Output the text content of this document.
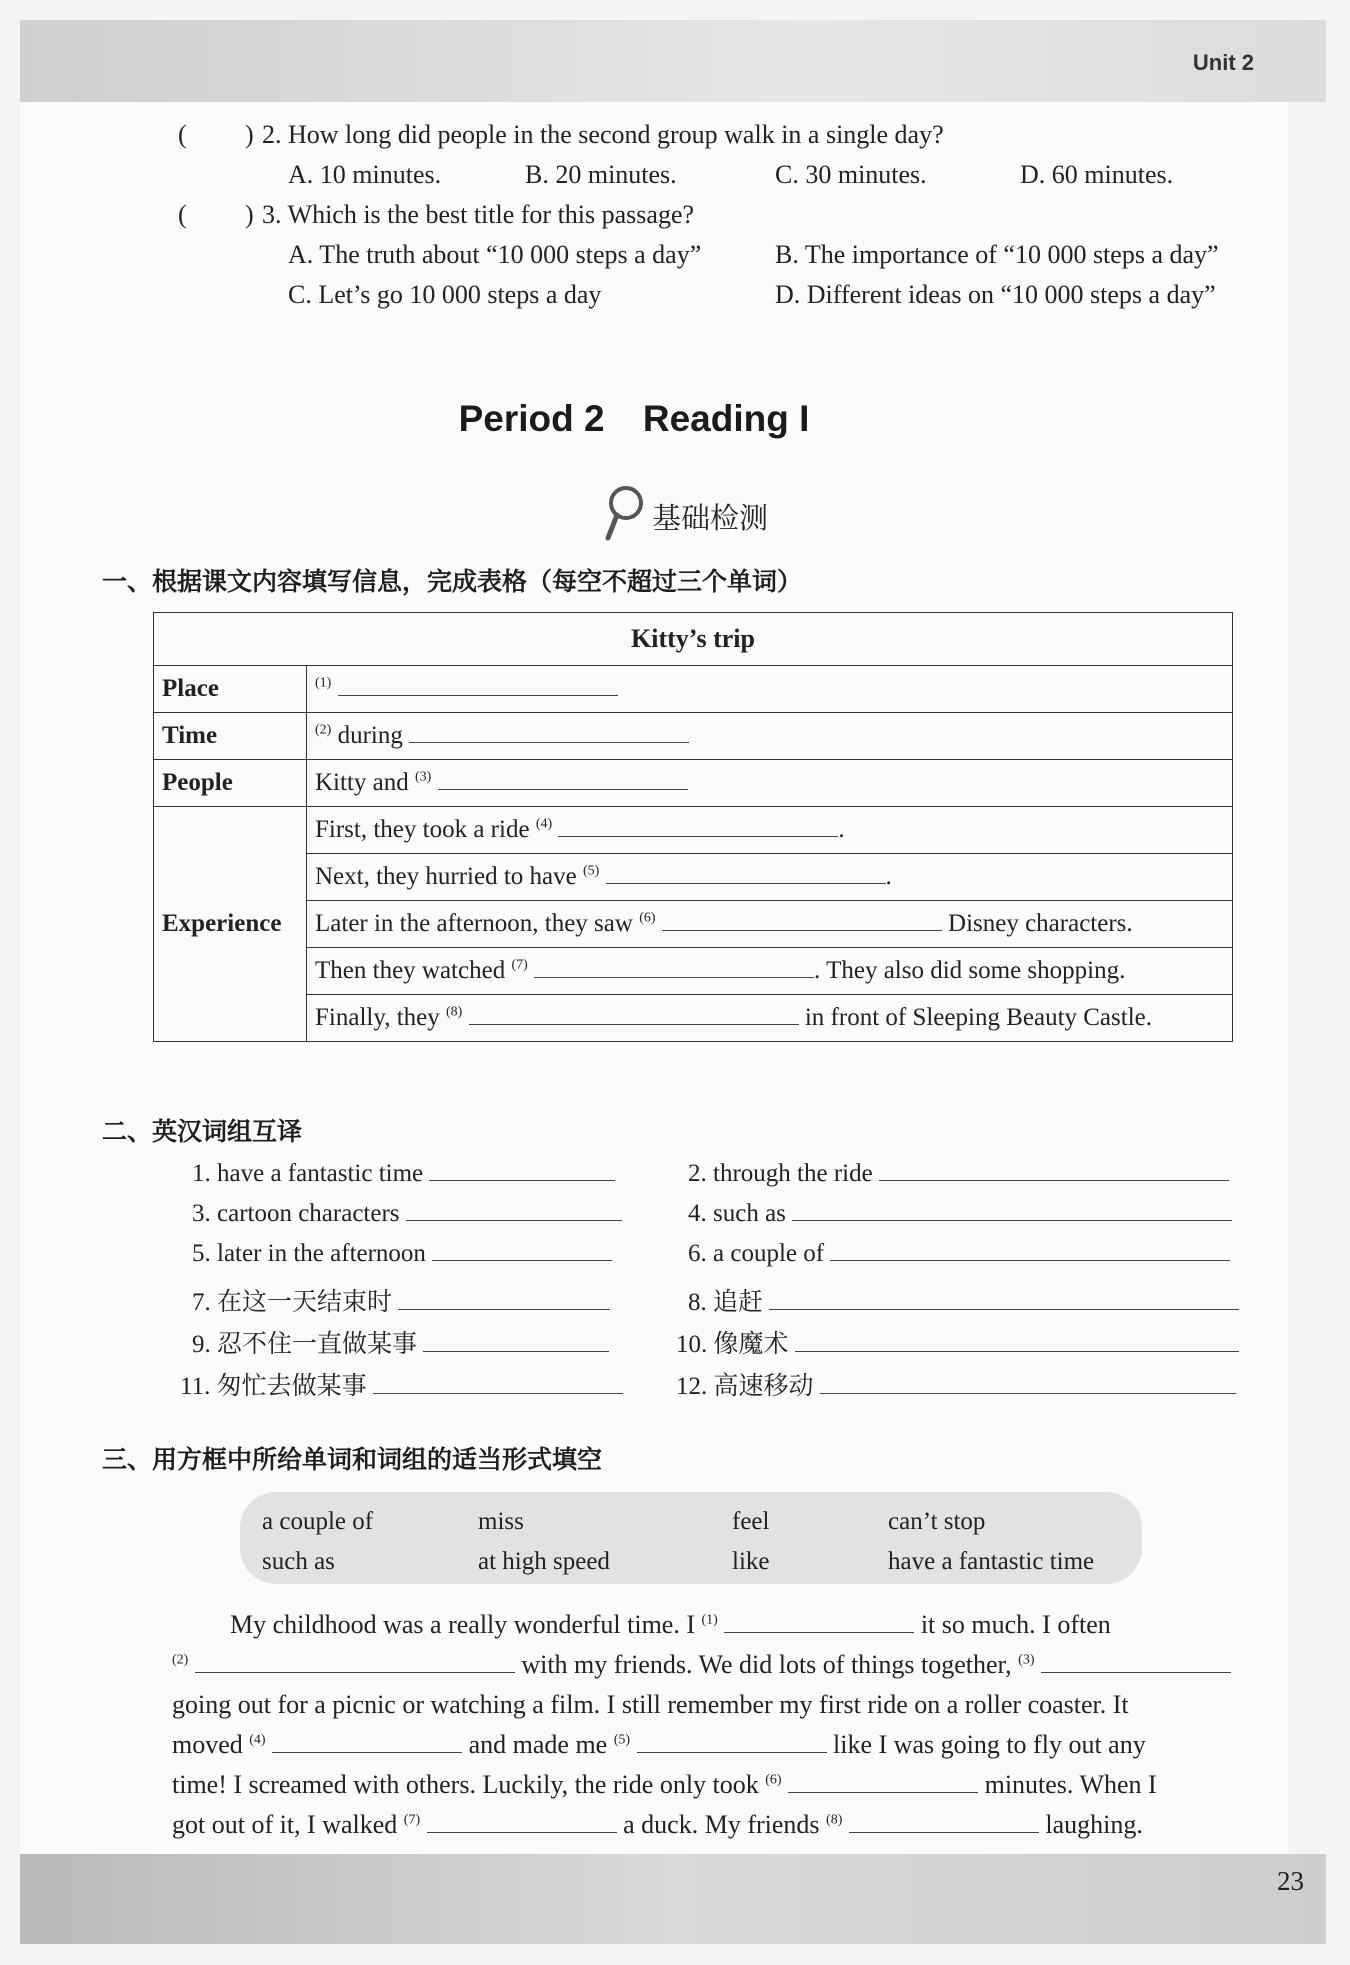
Unit 2
23
( ) 2. How long did people in the second group walk in a single day?
A. 10 minutes.	B. 20 minutes.	C. 30 minutes.	D. 60 minutes.
( ) 3. Which is the best title for this passage?
A. The truth about “10 000 steps a day”	B. The importance of “10 000 steps a day”
C. Let’s go 10 000 steps a day	D. Different ideas on “10 000 steps a day”
Period 2 Reading I
基础检测
一、根据课文内容填写信息，完成表格（每空不超过三个单词）
Kitty’s trip	
Place	$^{(1)}$
Time	$^{(2)}$ during
People	Kitty and $^{(3)}$
Experience	First, they took a ride $^{(4)}$ .
	Next, they hurried to have $^{(5)}$ .
	Later in the afternoon, they saw $^{(6)}$ Disney characters.
	Then they watched $^{(7)}$ . They also did some shopping.
	Finally, they $^{(8)}$ in front of Sleeping Beauty Castle.
二、英汉词组互译
1. have a fantastic time	2. through the ride
3. cartoon characters	4. such as
5. later in the afternoon	6. a couple of
7. 在这一天结束时	8. 追赶
9. 忍不住一直做某事	10. 像魔术
11. 匆忙去做某事	12. 高速移动
三、用方框中所给单词和词组的适当形式填空
a couple of	miss	feel	can’t stop
such as	at high speed	like	have a fantastic time
My childhood was a really wonderful time. I $^{(1)}$	it so much. I often
$^{(2)}$	with my friends. We did lots of things together, $^{(3)}$
going out for a picnic or watching a film. I still remember my first ride on a roller coaster. It
moved $^{(4)}$	and made me $^{(5)}$	like I was going to fly out any
time! I screamed with others. Luckily, the ride only took $^{(6)}$	minutes. When I
got out of it, I walked $^{(7)}$	a duck. My friends $^{(8)}$	laughing.
